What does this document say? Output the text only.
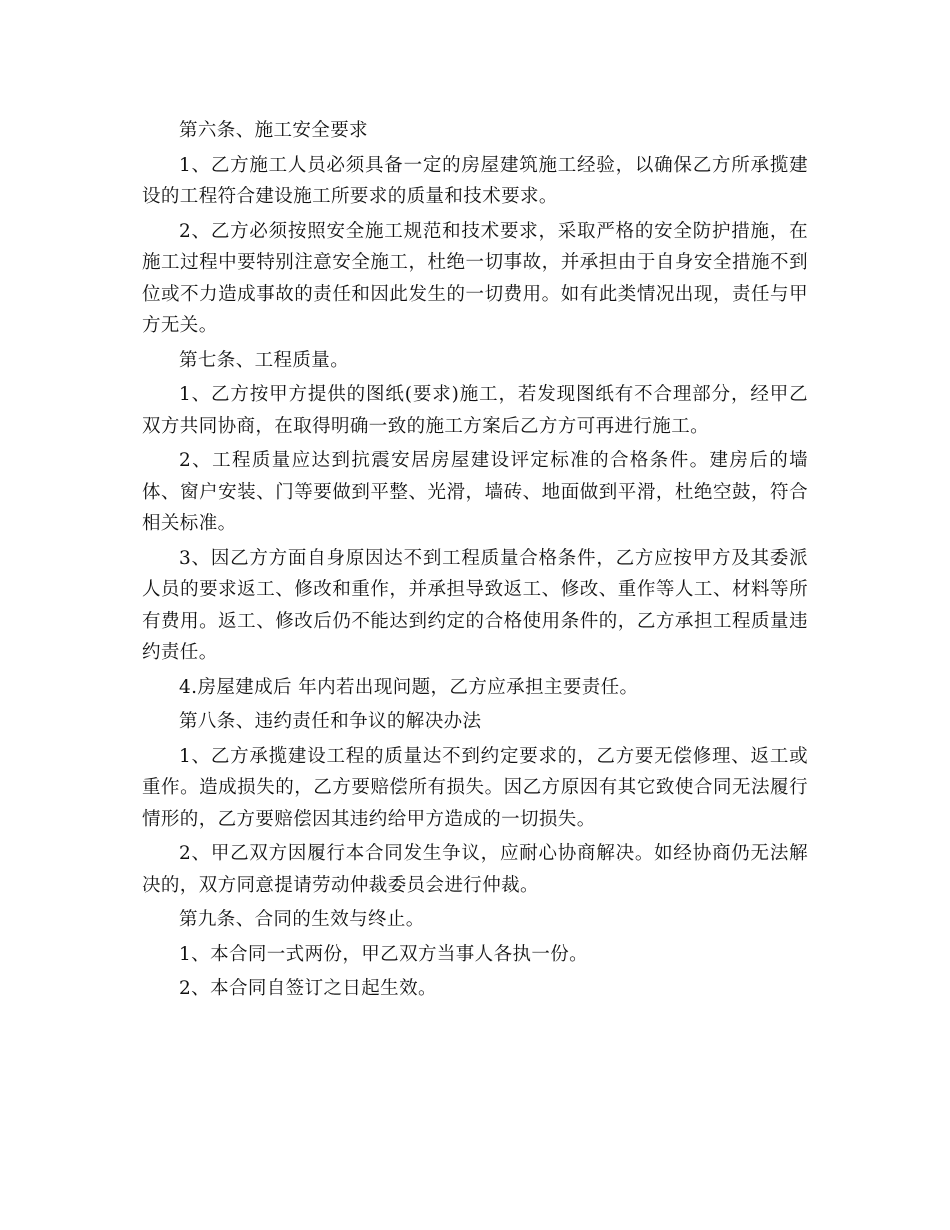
第六条、施工安全要求

1、乙方施工人员必须具备一定的房屋建筑施工经验，以确保乙方所承揽建设的工程符合建设施工所要求的质量和技术要求。

2、乙方必须按照安全施工规范和技术要求，采取严格的安全防护措施，在施工过程中要特别注意安全施工，杜绝一切事故，并承担由于自身安全措施不到位或不力造成事故的责任和因此发生的一切费用。如有此类情况出现，责任与甲方无关。

第七条、工程质量。

1、乙方按甲方提供的图纸(要求)施工，若发现图纸有不合理部分，经甲乙双方共同协商，在取得明确一致的施工方案后乙方方可再进行施工。

2、工程质量应达到抗震安居房屋建设评定标准的合格条件。建房后的墙体、窗户安装、门等要做到平整、光滑，墙砖、地面做到平滑，杜绝空鼓，符合相关标准。

3、因乙方方面自身原因达不到工程质量合格条件，乙方应按甲方及其委派人员的要求返工、修改和重作，并承担导致返工、修改、重作等人工、材料等所有费用。返工、修改后仍不能达到约定的合格使用条件的，乙方承担工程质量违约责任。

4.房屋建成后 年内若出现问题，乙方应承担主要责任。

第八条、违约责任和争议的解决办法

1、乙方承揽建设工程的质量达不到约定要求的，乙方要无偿修理、返工或重作。造成损失的，乙方要赔偿所有损失。因乙方原因有其它致使合同无法履行情形的，乙方要赔偿因其违约给甲方造成的一切损失。

2、甲乙双方因履行本合同发生争议，应耐心协商解决。如经协商仍无法解决的，双方同意提请劳动仲裁委员会进行仲裁。

第九条、合同的生效与终止。

1、本合同一式两份，甲乙双方当事人各执一份。

2、本合同自签订之日起生效。
